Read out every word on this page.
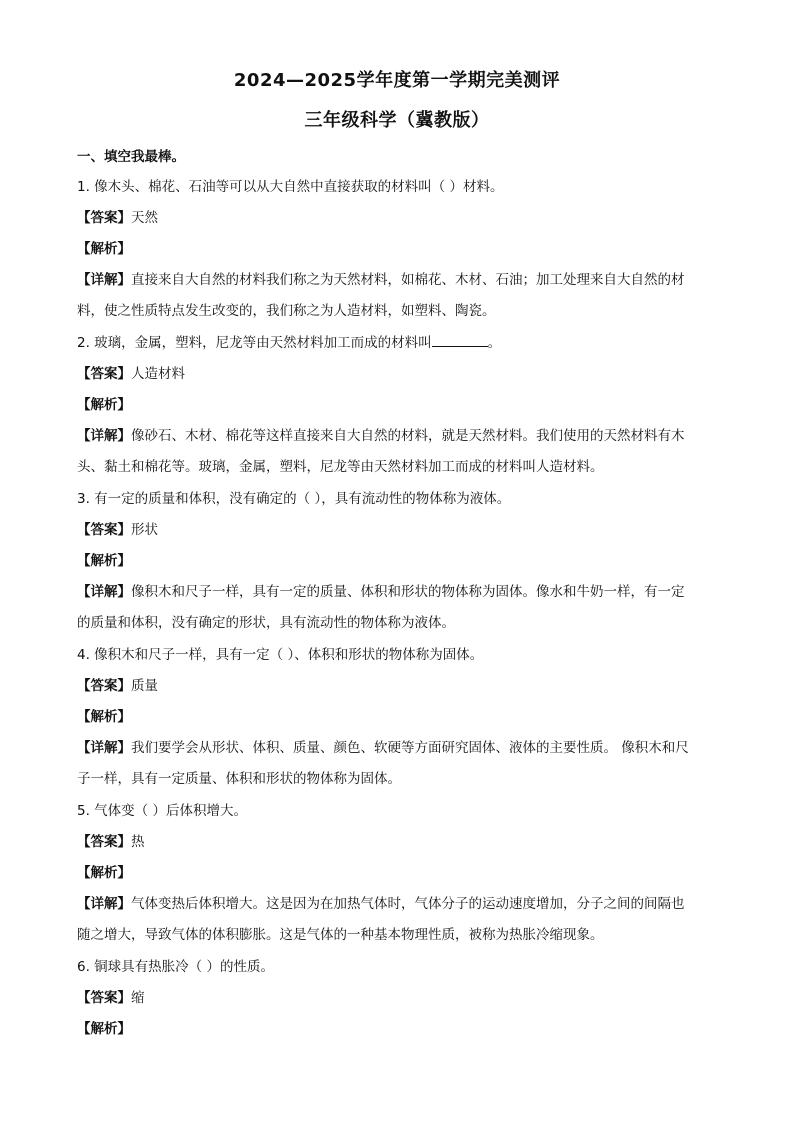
2024—2025学年度第一学期完美测评
三年级科学（冀教版）
一、填空我最棒。
1. 像木头、棉花、石油等可以从大自然中直接获取的材料叫（ ）材料。
【答案】天然
【解析】
【详解】直接来自大自然的材料我们称之为天然材料，如棉花、木材、石油；加工处理来自大自然的材
料，使之性质特点发生改变的，我们称之为人造材料，如塑料、陶瓷。
2. 玻璃，金属，塑料，尼龙等由天然材料加工而成的材料叫	。
【答案】人造材料
【解析】
【详解】像砂石、木材、棉花等这样直接来自大自然的材料，就是天然材料。我们使用的天然材料有木
头、黏土和棉花等。玻璃，金属，塑料，尼龙等由天然材料加工而成的材料叫人造材料。
3. 有一定的质量和体积，没有确定的（ ），具有流动性的物体称为液体。
【答案】形状
【解析】
【详解】像积木和尺子一样，具有一定的质量、体积和形状的物体称为固体。像水和牛奶一样，有一定
的质量和体积，没有确定的形状，具有流动性的物体称为液体。
4. 像积木和尺子一样，具有一定（ ）、体积和形状的物体称为固体。
【答案】质量
【解析】
【详解】我们要学会从形状、体积、质量、颜色、软硬等方面研究固体、液体的主要性质。 像积木和尺
子一样，具有一定质量、体积和形状的物体称为固体。
5. 气体变（ ）后体积增大。
【答案】热
【解析】
【详解】气体变热后体积增大。这是因为在加热气体时，气体分子的运动速度增加，分子之间的间隔也
随之增大，导致气体的体积膨胀。这是气体的一种基本物理性质，被称为热胀冷缩现象。
6. 铜球具有热胀冷（ ）的性质。
【答案】缩
【解析】
